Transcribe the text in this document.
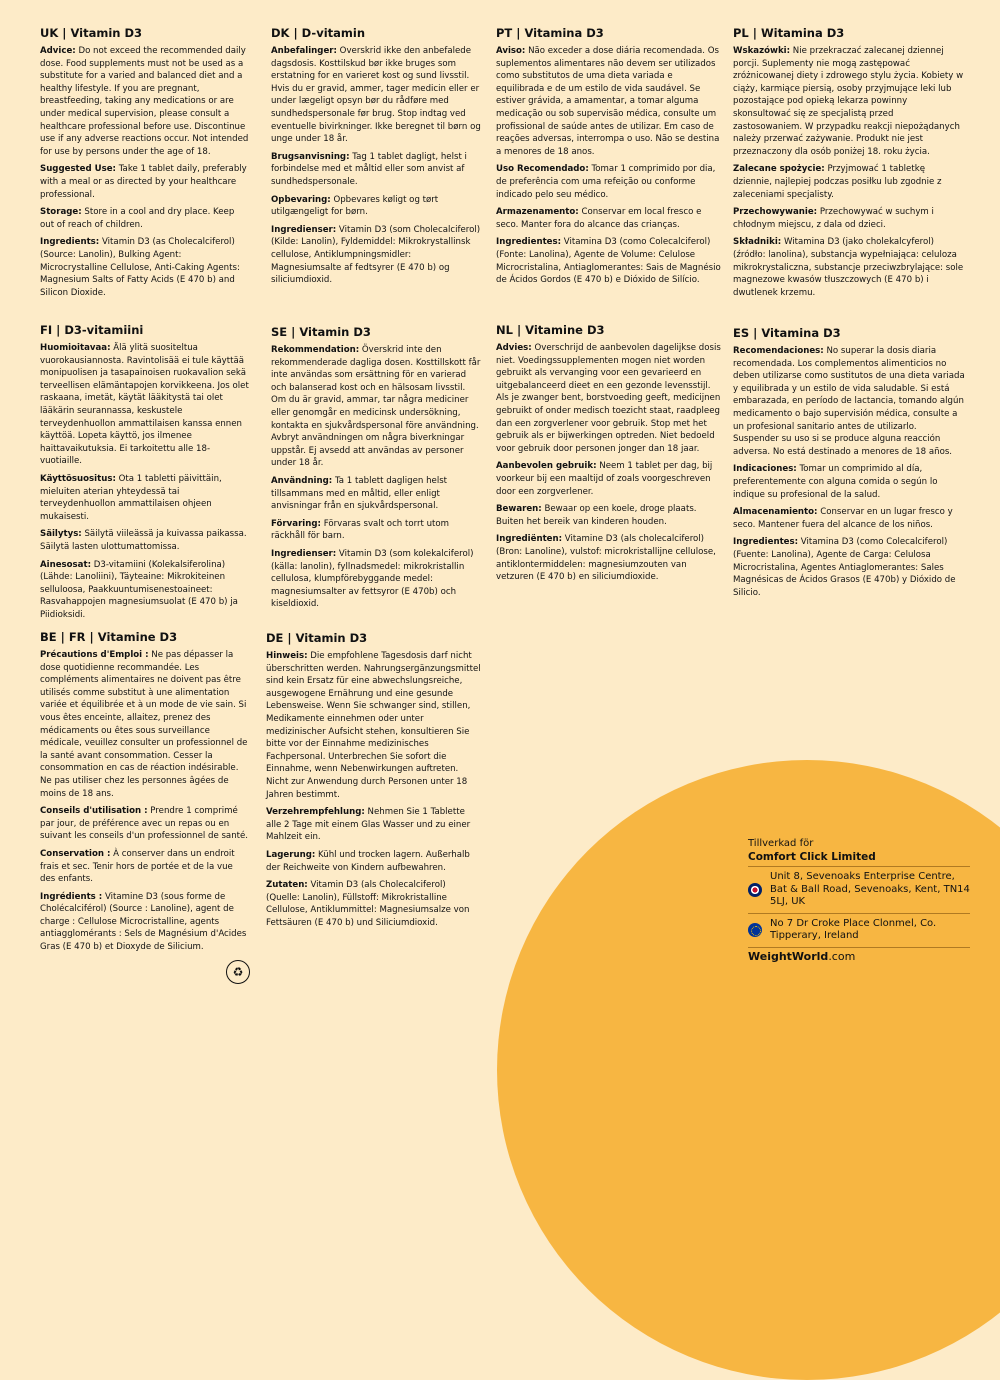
UK | Vitamin D3
Advice: Do not exceed the recommended daily dose. Food supplements must not be used as a substitute for a varied and balanced diet and a healthy lifestyle. If you are pregnant, breastfeeding, taking any medications or are under medical supervision, please consult a healthcare professional before use. Discontinue use if any adverse reactions occur. Not intended for use by persons under the age of 18.
Suggested Use: Take 1 tablet daily, preferably with a meal or as directed by your healthcare professional.
Storage: Store in a cool and dry place. Keep out of reach of children.
Ingredients: Vitamin D3 (as Cholecalciferol) (Source: Lanolin), Bulking Agent: Microcrystalline Cellulose, Anti-Caking Agents: Magnesium Salts of Fatty Acids (E 470 b) and Silicon Dioxide.
DK | D-vitamin
Anbefalinger: Overskrid ikke den anbefalede dagsdosis. Kosttilskud bør ikke bruges som erstatning for en varieret kost og sund livsstil. Hvis du er gravid, ammer, tager medicin eller er under lægeligt opsyn bør du rådføre med sundhedspersonale før brug. Stop indtag ved eventuelle bivirkninger. Ikke beregnet til børn og unge under 18 år.
Brugsanvisning: Tag 1 tablet dagligt, helst i forbindelse med et måltid eller som anvist af sundhedspersonale.
Opbevaring: Opbevares køligt og tørt utilgængeligt for børn.
Ingredienser: Vitamin D3 (som Cholecalciferol) (Kilde: Lanolin), Fyldemiddel: Mikrokrystallinsk cellulose, Antiklumpningsmidler: Magnesiumsalte af fedtsyrer (E 470 b) og siliciumdioxid.
PT | Vitamina D3
Aviso: Não exceder a dose diária recomendada. Os suplementos alimentares não devem ser utilizados como substitutos de uma dieta variada e equilibrada e de um estilo de vida saudável. Se estiver grávida, a amamentar, a tomar alguma medicação ou sob supervisão médica, consulte um profissional de saúde antes de utilizar. Em caso de reações adversas, interrompa o uso. Não se destina a menores de 18 anos.
Uso Recomendado: Tomar 1 comprimido por dia, de preferência com uma refeição ou conforme indicado pelo seu médico.
Armazenamento: Conservar em local fresco e seco. Manter fora do alcance das crianças.
Ingredientes: Vitamina D3 (como Colecalciferol) (Fonte: Lanolina), Agente de Volume: Celulose Microcristalina, Antiaglomerantes: Sais de Magnésio de Ácidos Gordos (E 470 b) e Dióxido de Silício.
PL | Witamina D3
Wskazówki: Nie przekraczać zalecanej dziennej porcji. Suplementy nie mogą zastępować zróżnicowanej diety i zdrowego stylu życia. Kobiety w ciąży, karmiące piersią, osoby przyjmujące leki lub pozostające pod opieką lekarza powinny skonsultować się ze specjalistą przed zastosowaniem. W przypadku reakcji niepożądanych należy przerwać zażywanie. Produkt nie jest przeznaczony dla osób poniżej 18. roku życia.
Zalecane spożycie: Przyjmować 1 tabletkę dziennie, najlepiej podczas posiłku lub zgodnie z zaleceniami specjalisty.
Przechowywanie: Przechowywać w suchym i chłodnym miejscu, z dala od dzieci.
Składniki: Witamina D3 (jako cholekalcyferol) (źródło: lanolina), substancja wypełniająca: celuloza mikrokrystaliczna, substancje przeciwzbrylające: sole magnezowe kwasów tłuszczowych (E 470 b) i dwutlenek krzemu.
FI | D3-vitamiini
Huomioitavaa: Älä ylitä suositeltua vuorokausiannosta. Ravintolisää ei tule käyttää monipuolisen ja tasapainoisen ruokavalion sekä terveellisen elämäntapojen korvikkeena. Jos olet raskaana, imetät, käytät lääkitystä tai olet lääkärin seurannassa, keskustele terveydenhuollon ammattilaisen kanssa ennen käyttöä. Lopeta käyttö, jos ilmenee haittavaikutuksia. Ei tarkoitettu alle 18-vuotiaille.
Käyttösuositus: Ota 1 tabletti päivittäin, mieluiten aterian yhteydessä tai terveydenhuollon ammattilaisen ohjeen mukaisesti.
Säilytys: Säilytä viileässä ja kuivassa paikassa. Säilytä lasten ulottumattomissa.
Ainesosat: D3-vitamiini (Kolekalsiferolina) (Lähde: Lanoliini), Täyteaine: Mikrokiteinen selluloosa, Paakkuuntumisenestoaineet: Rasvahappojen magnesiumsuolat (E 470 b) ja Piidioksidi.
SE | Vitamin D3
Rekommendation: Överskrid inte den rekommenderade dagliga dosen. Kosttillskott får inte användas som ersättning för en varierad och balanserad kost och en hälsosam livsstil. Om du är gravid, ammar, tar några mediciner eller genomgår en medicinsk undersökning, kontakta en sjukvårdspersonal före användning. Avbryt användningen om några biverkningar uppstår. Ej avsedd att användas av personer under 18 år.
Användning: Ta 1 tablett dagligen helst tillsammans med en måltid, eller enligt anvisningar från en sjukvårdspersonal.
Förvaring: Förvaras svalt och torrt utom räckhåll för barn.
Ingredienser: Vitamin D3 (som kolekalciferol) (källa: lanolin), fyllnadsmedel: mikrokristallin cellulosa, klumpförebyggande medel: magnesiumsalter av fettsyror (E 470b) och kiseldioxid.
NL | Vitamine D3
Advies: Overschrijd de aanbevolen dagelijkse dosis niet. Voedingssupplementen mogen niet worden gebruikt als vervanging voor een gevarieerd en uitgebalanceerd dieet en een gezonde levensstijl. Als je zwanger bent, borstvoeding geeft, medicijnen gebruikt of onder medisch toezicht staat, raadpleeg dan een zorgverlener voor gebruik. Stop met het gebruik als er bijwerkingen optreden. Niet bedoeld voor gebruik door personen jonger dan 18 jaar.
Aanbevolen gebruik: Neem 1 tablet per dag, bij voorkeur bij een maaltijd of zoals voorgeschreven door een zorgverlener.
Bewaren: Bewaar op een koele, droge plaats. Buiten het bereik van kinderen houden.
Ingrediënten: Vitamine D3 (als cholecalciferol) (Bron: Lanoline), vulstof: microkristallijne cellulose, antiklontermiddelen: magnesiumzouten van vetzuren (E 470 b) en siliciumdioxide.
ES | Vitamina D3
Recomendaciones: No superar la dosis diaria recomendada. Los complementos alimenticios no deben utilizarse como sustitutos de una dieta variada y equilibrada y un estilo de vida saludable. Si está embarazada, en período de lactancia, tomando algún medicamento o bajo supervisión médica, consulte a un profesional sanitario antes de utilizarlo. Suspender su uso si se produce alguna reacción adversa. No está destinado a menores de 18 años.
Indicaciones: Tomar un comprimido al día, preferentemente con alguna comida o según lo indique su profesional de la salud.
Almacenamiento: Conservar en un lugar fresco y seco. Mantener fuera del alcance de los niños.
Ingredientes: Vitamina D3 (como Colecalciferol) (Fuente: Lanolina), Agente de Carga: Celulosa Microcristalina, Agentes Antiaglomerantes: Sales Magnésicas de Ácidos Grasos (E 470b) y Dióxido de Silicio.
BE | FR | Vitamine D3
Précautions d'Emploi : Ne pas dépasser la dose quotidienne recommandée. Les compléments alimentaires ne doivent pas être utilisés comme substitut à une alimentation variée et équilibrée et à un mode de vie sain. Si vous êtes enceinte, allaitez, prenez des médicaments ou êtes sous surveillance médicale, veuillez consulter un professionnel de la santé avant consommation. Cesser la consommation en cas de réaction indésirable. Ne pas utiliser chez les personnes âgées de moins de 18 ans.
Conseils d'utilisation : Prendre 1 comprimé par jour, de préférence avec un repas ou en suivant les conseils d'un professionnel de santé.
Conservation : À conserver dans un endroit frais et sec. Tenir hors de portée et de la vue des enfants.
Ingrédients : Vitamine D3 (sous forme de Cholécalciférol) (Source : Lanoline), agent de charge : Cellulose Microcristalline, agents antiagglomérants : Sels de Magnésium d'Acides Gras (E 470 b) et Dioxyde de Silicium.
DE | Vitamin D3
Hinweis: Die empfohlene Tagesdosis darf nicht überschritten werden. Nahrungsergänzungsmittel sind kein Ersatz für eine abwechslungsreiche, ausgewogene Ernährung und eine gesunde Lebensweise. Wenn Sie schwanger sind, stillen, Medikamente einnehmen oder unter medizinischer Aufsicht stehen, konsultieren Sie bitte vor der Einnahme medizinisches Fachpersonal. Unterbrechen Sie sofort die Einnahme, wenn Nebenwirkungen auftreten. Nicht zur Anwendung durch Personen unter 18 Jahren bestimmt.
Verzehrempfehlung: Nehmen Sie 1 Tablette alle 2 Tage mit einem Glas Wasser und zu einer Mahlzeit ein.
Lagerung: Kühl und trocken lagern. Außerhalb der Reichweite von Kindern aufbewahren.
Zutaten: Vitamin D3 (als Cholecalciferol) (Quelle: Lanolin), Füllstoff: Mikrokristalline Cellulose, Antiklummittel: Magnesiumsalze von Fettsäuren (E 470 b) und Siliciumdioxid.
Tillverkad för
Comfort Click Limited
Unit 8, Sevenoaks Enterprise Centre, Bat & Ball Road, Sevenoaks, Kent, TN14 5LJ, UK
No 7 Dr Croke Place Clonmel, Co. Tipperary, Ireland
WeightWorld.com
♻
